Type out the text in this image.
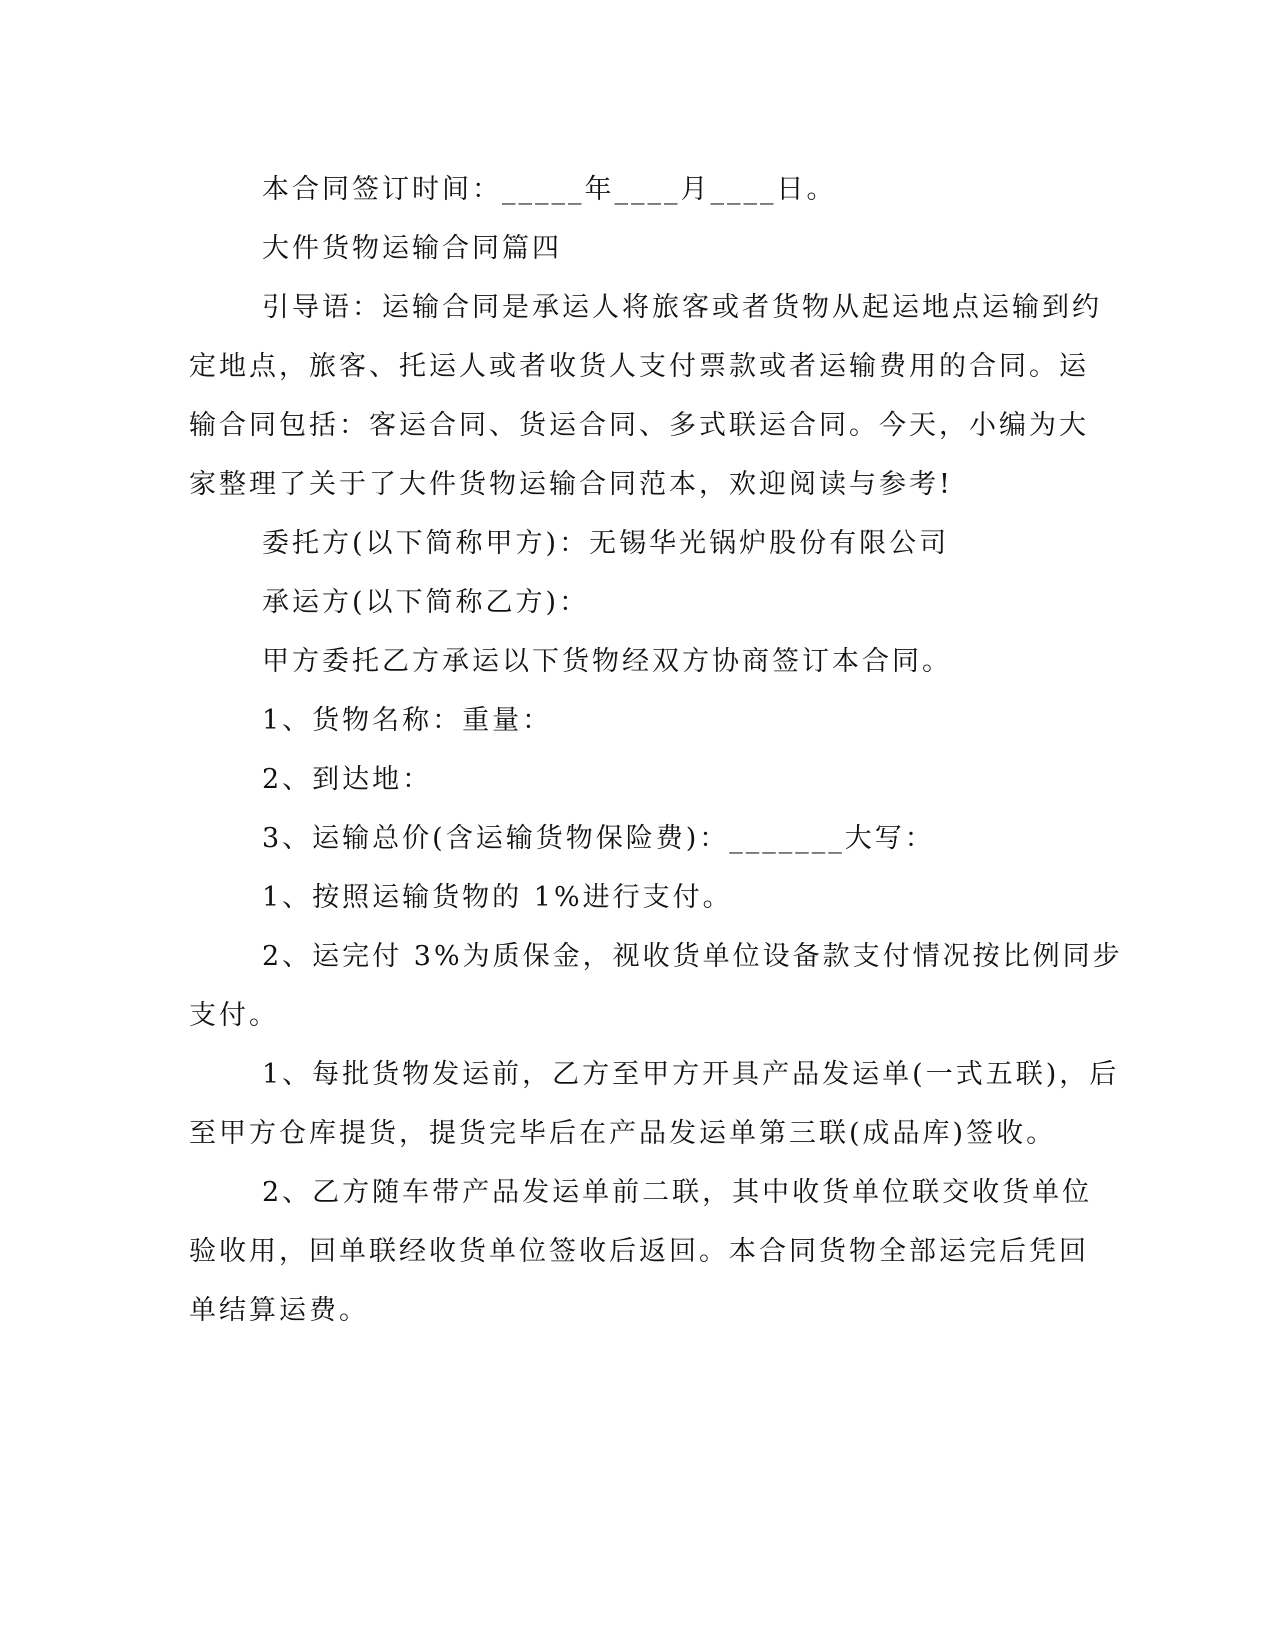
本合同签订时间：_____年____月____日。
大件货物运输合同篇四
引导语：运输合同是承运人将旅客或者货物从起运地点运输到约
定地点，旅客、托运人或者收货人支付票款或者运输费用的合同。运
输合同包括：客运合同、货运合同、多式联运合同。今天，小编为大
家整理了关于了大件货物运输合同范本，欢迎阅读与参考!
委托方(以下简称甲方)：无锡华光锅炉股份有限公司
承运方(以下简称乙方)：
甲方委托乙方承运以下货物经双方协商签订本合同。
1、货物名称：重量：
2、到达地：
3、运输总价(含运输货物保险费)：_______大写：
1、按照运输货物的 1%进行支付。
2、运完付 3%为质保金，视收货单位设备款支付情况按比例同步
支付。
1、每批货物发运前，乙方至甲方开具产品发运单(一式五联)，后
至甲方仓库提货，提货完毕后在产品发运单第三联(成品库)签收。
2、乙方随车带产品发运单前二联，其中收货单位联交收货单位
验收用，回单联经收货单位签收后返回。本合同货物全部运完后凭回
单结算运费。
